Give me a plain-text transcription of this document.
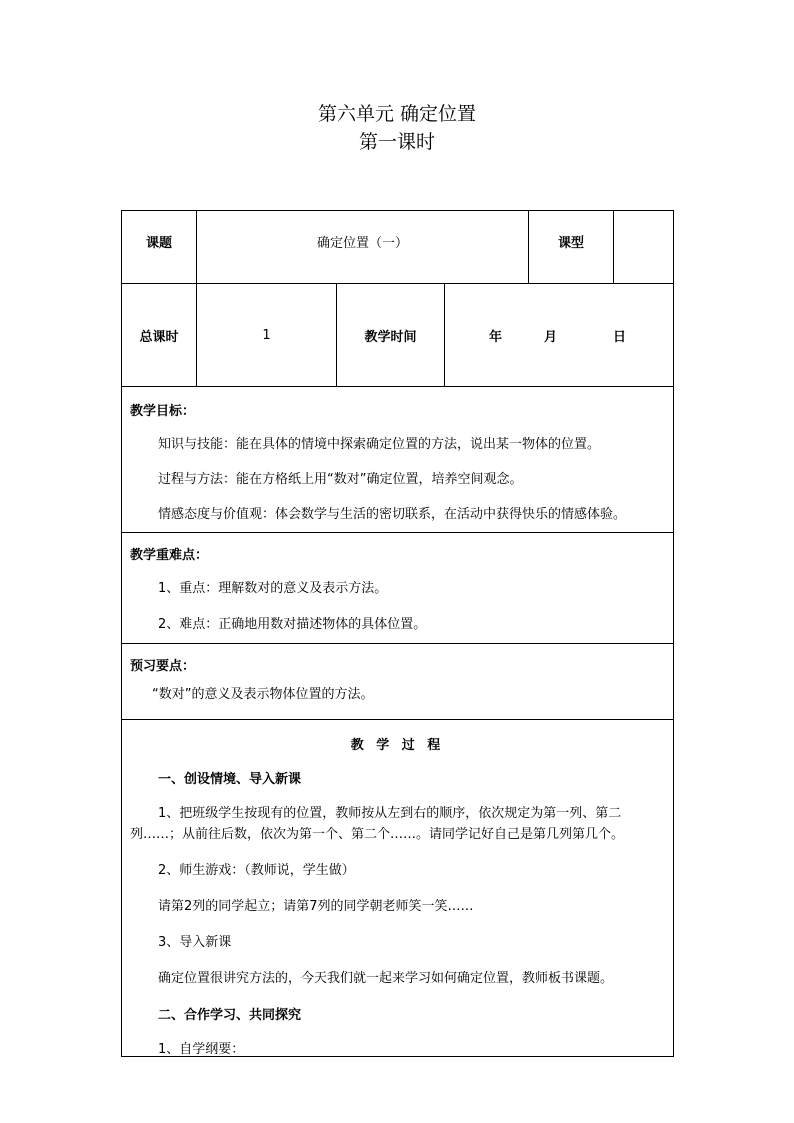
第六单元 确定位置
第一课时
课题	确定位置（一）	课型
总课时	1	教学时间	年	月	日

教学目标：

知识与技能：能在具体的情境中探索确定位置的方法，说出某一物体的位置。

过程与方法：能在方格纸上用“数对”确定位置，培养空间观念。

情感态度与价值观：体会数学与生活的密切联系，在活动中获得快乐的情感体验。

教学重难点：

1、重点：理解数对的意义及表示方法。

2、难点：正确地用数对描述物体的具体位置。

预习要点：

“数对”的意义及表示物体位置的方法。

教 学 过 程

一、创设情境、导入新课

1、把班级学生按现有的位置，教师按从左到右的顺序，依次规定为第一列、第二

列……；从前往后数，依次为第一个、第二个……。请同学记好自己是第几列第几个。

2、师生游戏：（教师说，学生做）

请第2列的同学起立；请第7列的同学朝老师笑一笑……

3、导入新课

确定位置很讲究方法的，今天我们就一起来学习如何确定位置，教师板书课题。

二、合作学习、共同探究

1、自学纲要：
